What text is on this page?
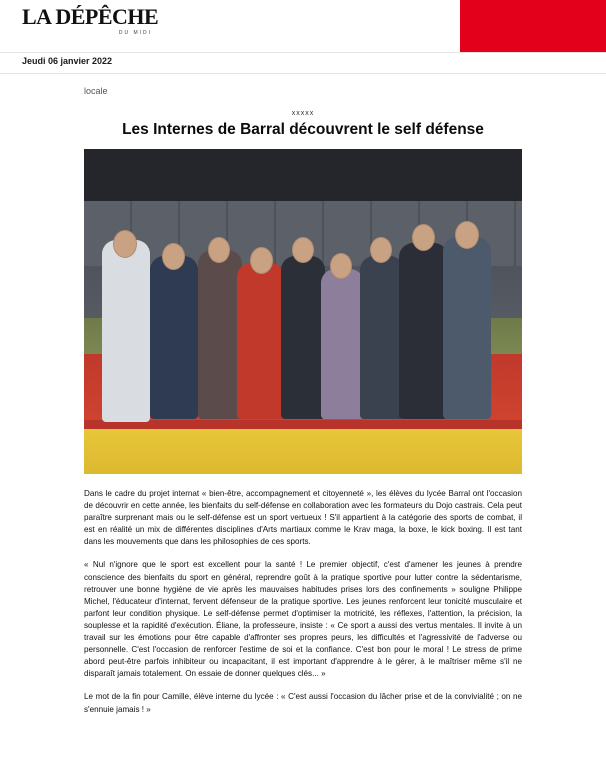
LA DÉPÊCHE
DU MIDI
Jeudi 06 janvier 2022
locale
xxxxx
Les Internes de Barral découvrent le self défense

Dans le cadre du projet internat « bien-être, accompagnement et citoyenneté », les élèves du lycée Barral ont l'occasion de découvrir en cette année, les bienfaits du self-défense en collaboration avec les formateurs du Dojo castrais. Cela peut paraître surprenant mais ou le self-défense est un sport vertueux ! S'il appartient à la catégorie des sports de combat, il est en réalité un mix de différentes disciplines d'Arts martiaux comme le Krav maga, la boxe, le kick boxing. Il est tant dans les mouvements que dans les philosophies de ces sports.

« Nul n'ignore que le sport est excellent pour la santé ! Le premier objectif, c'est d'amener les jeunes à prendre conscience des bienfaits du sport en général, reprendre goût à la pratique sportive pour lutter contre la sédentarisme, retrouver une bonne hygiène de vie après les mauvaises habitudes prises lors des confinements » souligne Philippe Michel, l'éducateur d'internat, fervent défenseur de la pratique sportive. Les jeunes renforcent leur tonicité musculaire et parfont leur condition physique. Le self-défense permet d'optimiser la motricité, les réflexes, l'attention, la précision, la souplesse et la rapidité d'exécution. Éliane, la professeure, insiste : « Ce sport a aussi des vertus mentales. Il invite à un travail sur les émotions pour être capable d'affronter ses propres peurs, les difficultés et l'agressivité de l'adverse ou personnelle. C'est l'occasion de renforcer l'estime de soi et la confiance. C'est bon pour le moral ! Le stress de prime abord peut-être parfois inhibiteur ou incapacitant, il est important d'apprendre à le gérer, à le maîtriser même s'il ne disparaît jamais totalement. On essaie de donner quelques clés... »

Le mot de la fin pour Camille, élève interne du lycée : « C'est aussi l'occasion du lâcher prise et de la convivialité ; on ne s'ennuie jamais ! »
